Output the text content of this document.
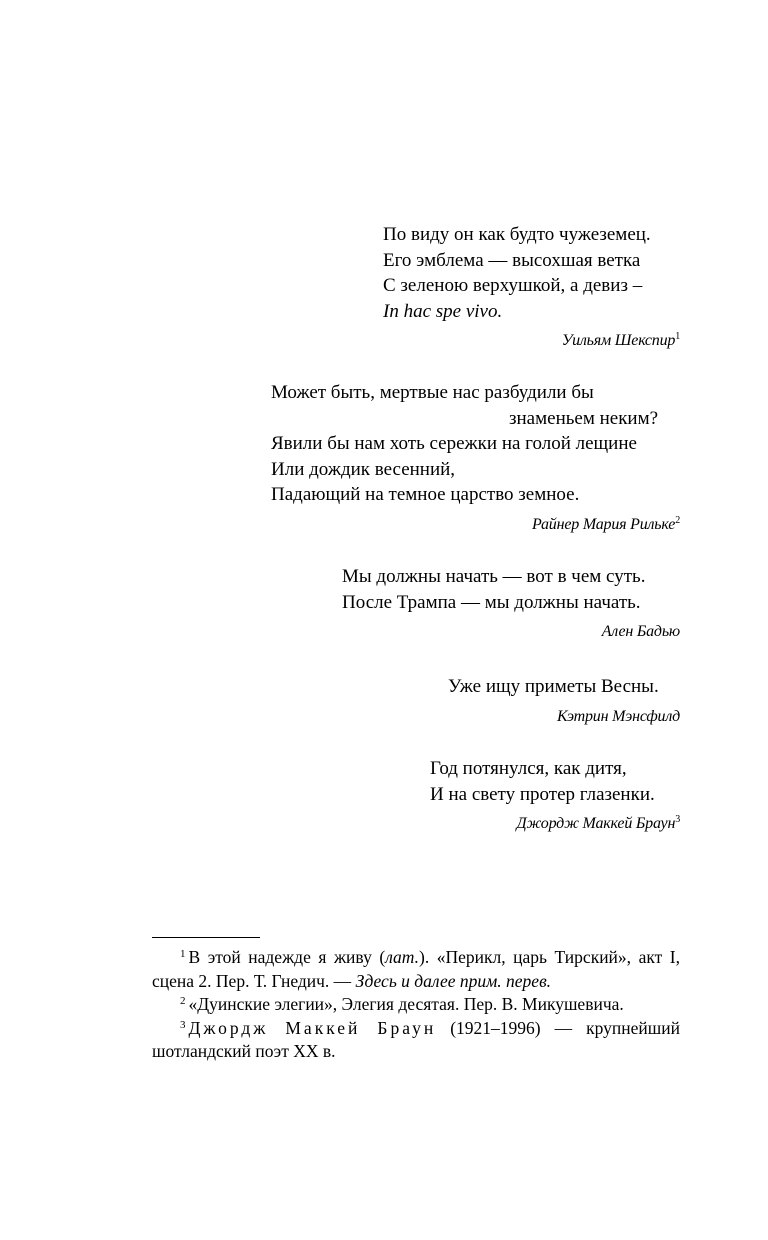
По виду он как будто чужеземец.
Его эмблема — высохшая ветка
С зеленою верхушкой, а девиз –
In hac spe vivo.
Уильям Шекспир$^1$
Может быть, мертвые нас разбудили бы
знаменьем неким?
Явили бы нам хоть сережки на голой лещине
Или дождик весенний,
Падающий на темное царство земное.
Райнер Мария Рильке$^2$
Мы должны начать — вот в чем суть.
После Трампа — мы должны начать.
Ален Бадью
Уже ищу приметы Весны.
Кэтрин Мэнсфилд
Год потянулся, как дитя,
И на свету протер глазенки.
Джордж Маккей Браун$^3$

$^1$ В этой надежде я живу (лат.). «Перикл, царь Тирский», акт I, сцена 2. Пер. Т. Гнедич. — Здесь и далее прим. перев.

$^2$ «Дуинские элегии», Элегия десятая. Пер. В. Микушевича.

$^3$ Джордж Маккей Браун (1921–1996) — крупнейший шотландский поэт XX в.
